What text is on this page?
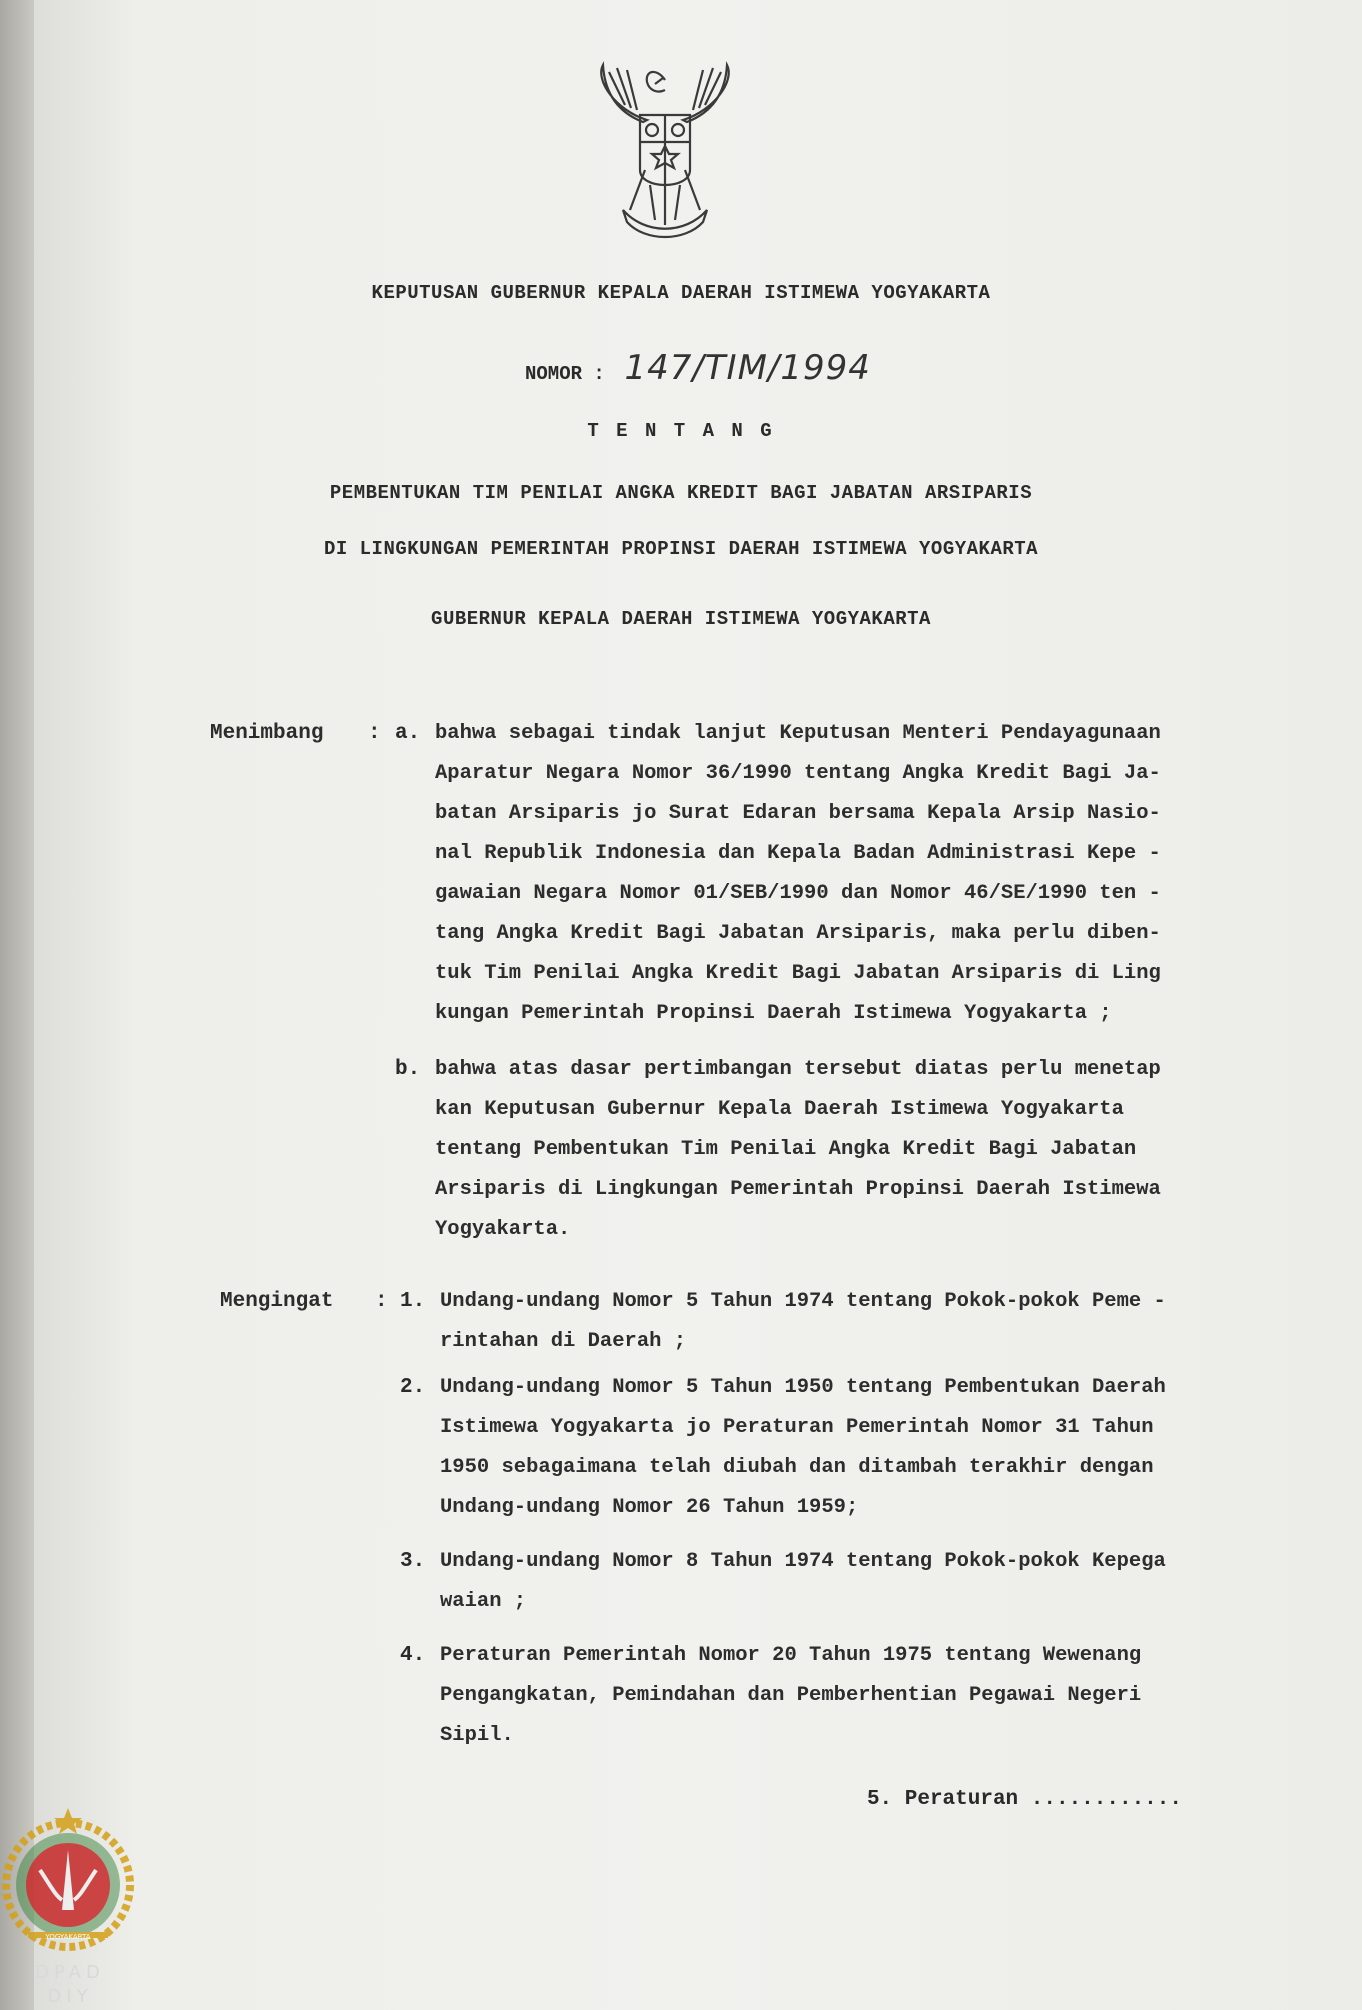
KEPUTUSAN GUBERNUR KEPALA DAERAH ISTIMEWA YOGYAKARTA
NOMOR : 147/TIM/1994
T E N T A N G
PEMBENTUKAN TIM PENILAI ANGKA KREDIT BAGI JABATAN ARSIPARIS
DI LINGKUNGAN PEMERINTAH PROPINSI DAERAH ISTIMEWA YOGYAKARTA
GUBERNUR KEPALA DAERAH ISTIMEWA YOGYAKARTA
Menimbang : a. bahwa sebagai tindak lanjut Keputusan Menteri Pendayagunaan
Aparatur Negara Nomor 36/1990 tentang Angka Kredit Bagi Ja-
batan Arsiparis jo Surat Edaran bersama Kepala Arsip Nasio-
nal Republik Indonesia dan Kepala Badan Administrasi Kepe -
gawaian Negara Nomor 01/SEB/1990 dan Nomor 46/SE/1990 ten -
tang Angka Kredit Bagi Jabatan Arsiparis, maka perlu diben-
tuk Tim Penilai Angka Kredit Bagi Jabatan Arsiparis di Ling
kungan Pemerintah Propinsi Daerah Istimewa Yogyakarta ;
b. bahwa atas dasar pertimbangan tersebut diatas perlu menetap
kan Keputusan Gubernur Kepala Daerah Istimewa Yogyakarta
tentang Pembentukan Tim Penilai Angka Kredit Bagi Jabatan
Arsiparis di Lingkungan Pemerintah Propinsi Daerah Istimewa
Yogyakarta.
Mengingat : 1. Undang-undang Nomor 5 Tahun 1974 tentang Pokok-pokok Peme -
rintahan di Daerah ;
2. Undang-undang Nomor 5 Tahun 1950 tentang Pembentukan Daerah
Istimewa Yogyakarta jo Peraturan Pemerintah Nomor 31 Tahun
1950 sebagaimana telah diubah dan ditambah terakhir dengan
Undang-undang Nomor 26 Tahun 1959;
3. Undang-undang Nomor 8 Tahun 1974 tentang Pokok-pokok Kepega
waian ;
4. Peraturan Pemerintah Nomor 20 Tahun 1975 tentang Wewenang
Pengangkatan, Pemindahan dan Pemberhentian Pegawai Negeri
Sipil.
5. Peraturan ............
YOGYAKARTA
DPAD
DIY
